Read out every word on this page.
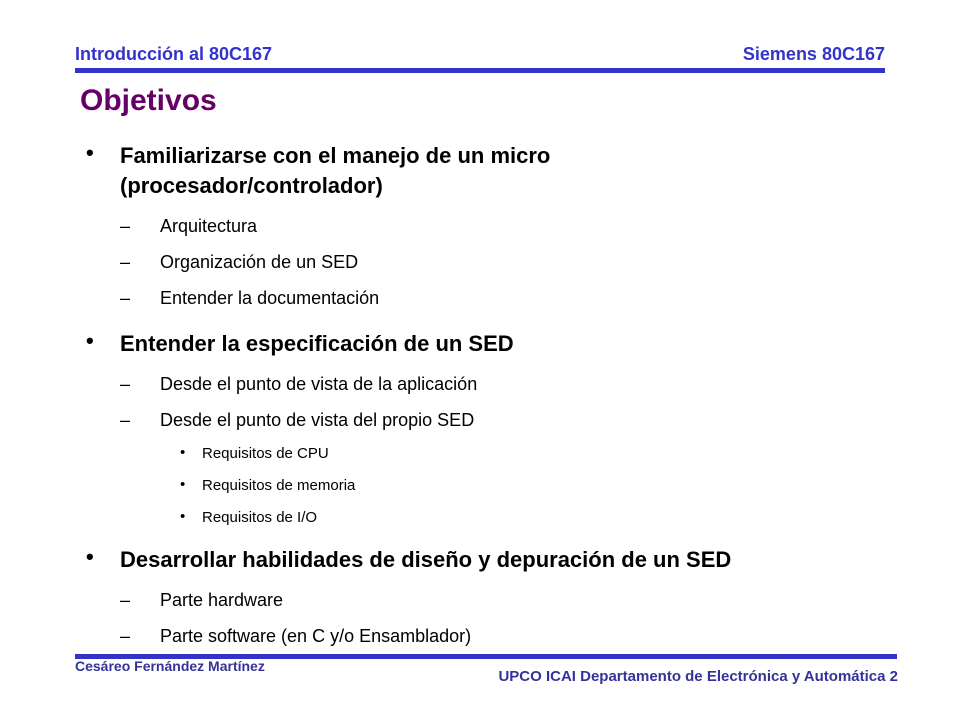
Introducción al 80C167	Siemens 80C167
Objetivos
• Familiarizarse con el manejo de un micro
(procesador/controlador)
– Arquitectura
– Organización de un SED
– Entender la documentación
• Entender la especificación de un SED
– Desde el punto de vista de la aplicación
– Desde el punto de vista del propio SED
• Requisitos de CPU
• Requisitos de memoria
• Requisitos de I/O
• Desarrollar habilidades de diseño y depuración de un SED
– Parte hardware
– Parte software (en C y/o Ensamblador)
Cesáreo Fernández Martínez
UPCO ICAI Departamento de Electrónica y Automática 2
